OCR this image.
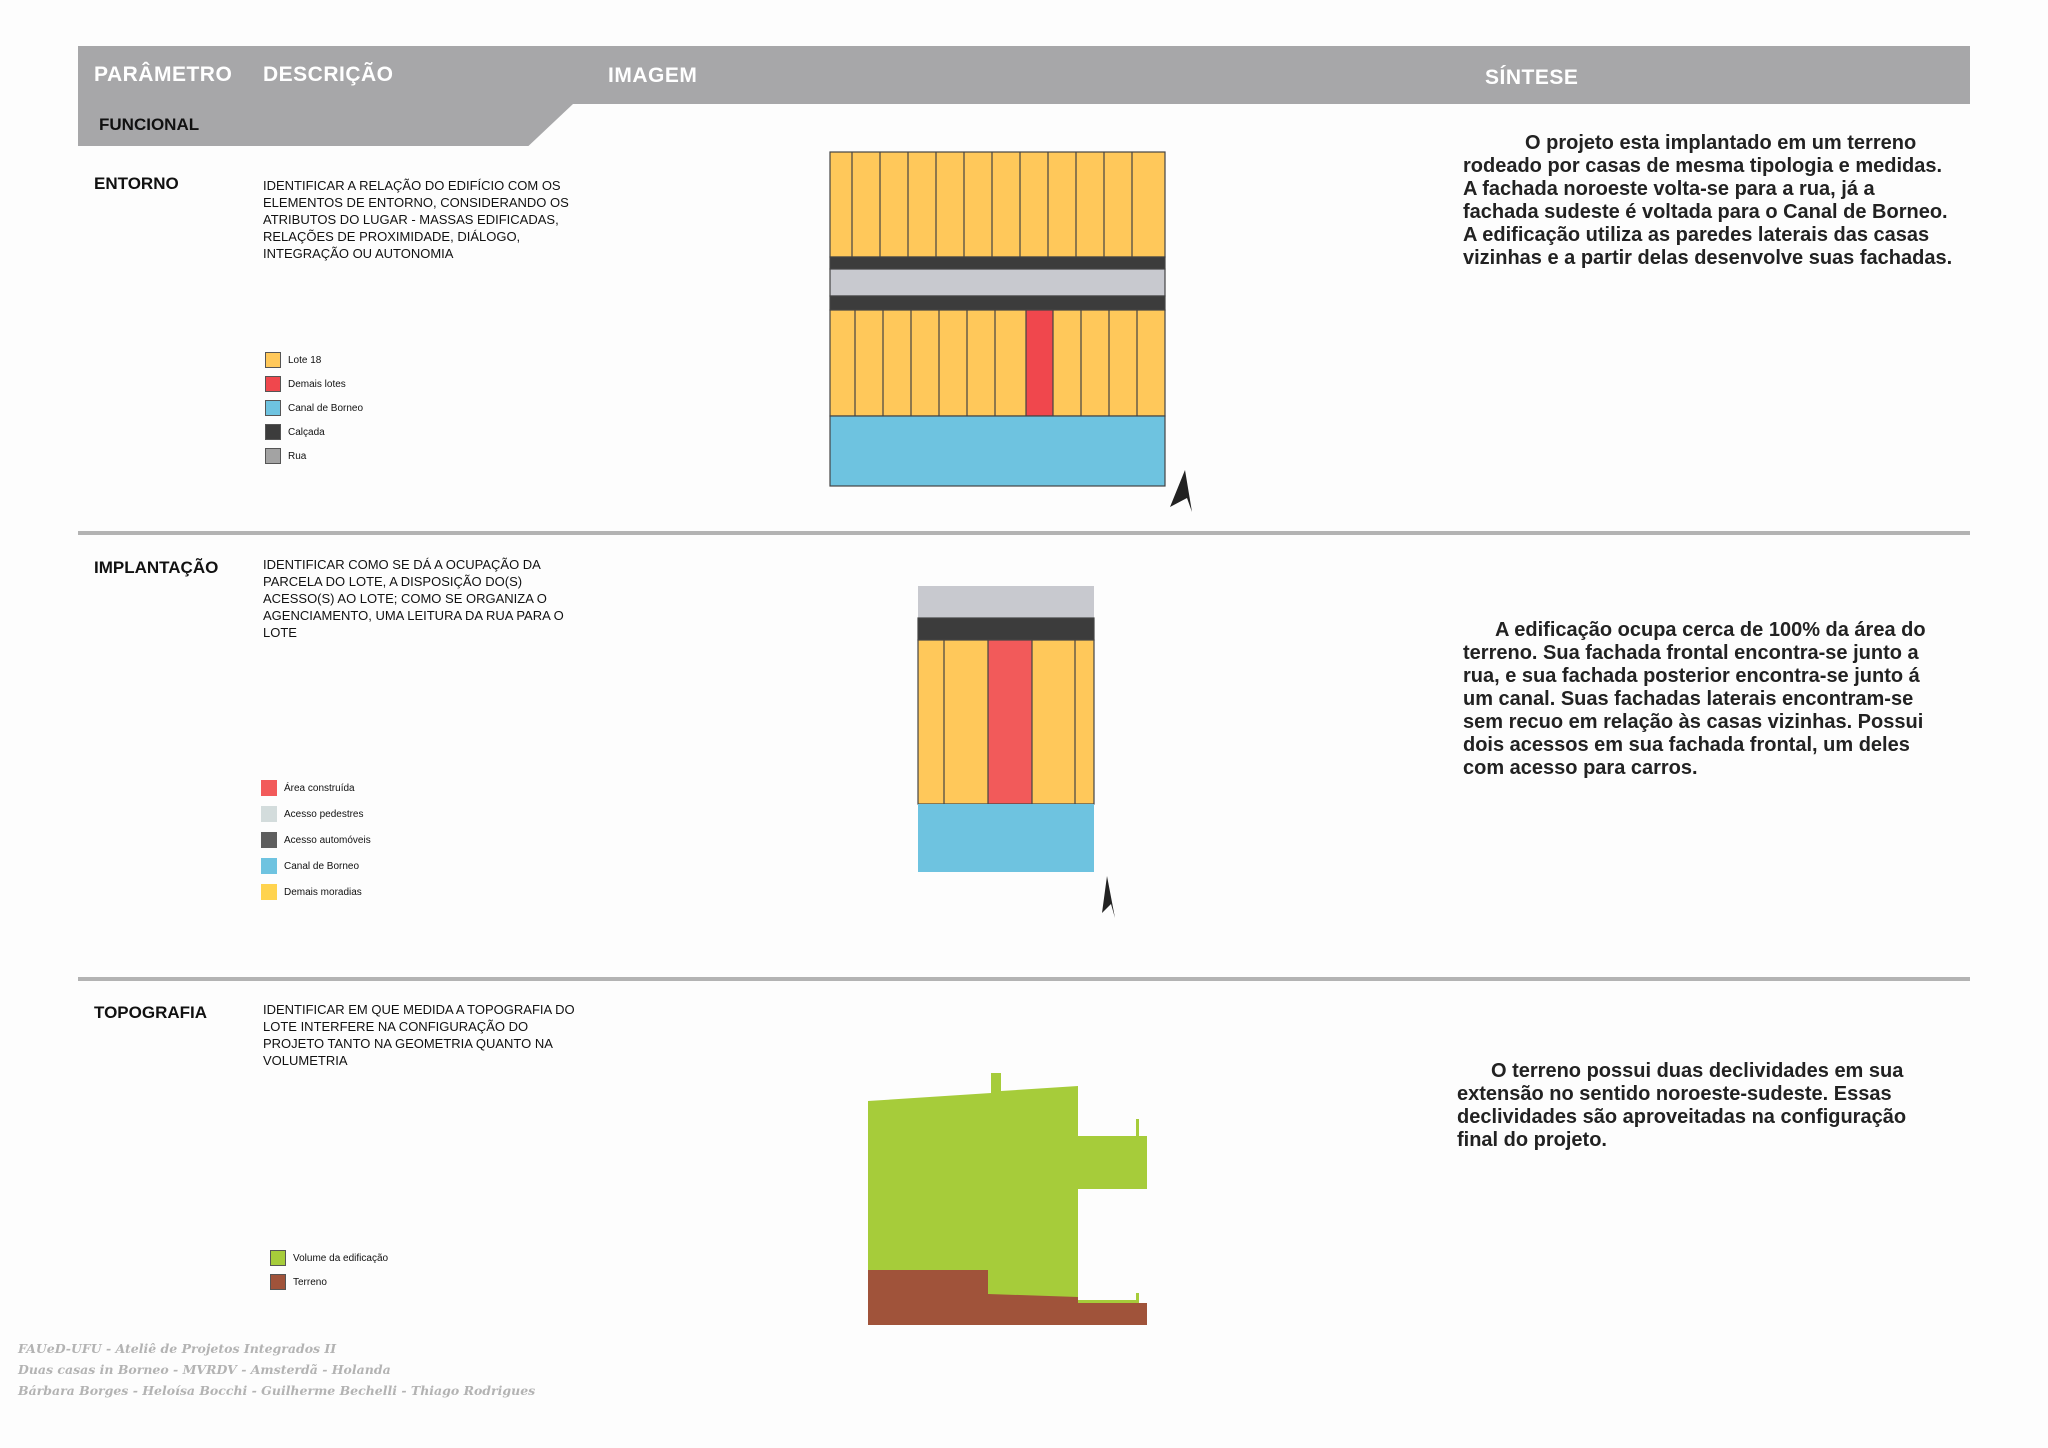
PARÂMETRO DESCRIÇÃO	IMAGEM	SÍNTESE
FUNCIONAL
ENTORNO	IDENTIFICAR A RELAÇÃO DO EDIFÍCIO COM OS ELEMENTOS DE ENTORNO, CONSIDERANDO OS ATRIBUTOS DO LUGAR - MASSAS EDIFICADAS, RELAÇÕES DE PROXIMIDADE, DIÁLOGO, INTEGRAÇÃO OU AUTONOMIA
Lote 18
Demais lotes
Canal de Borneo
Calçada
Rua
O projeto esta implantado em um terreno rodeado por casas de mesma tipologia e medidas. A fachada noroeste volta-se para a rua, já a fachada sudeste é voltada para o Canal de Borneo. A edificação utiliza as paredes laterais das casas vizinhas e a partir delas desenvolve suas fachadas.
IMPLANTAÇÃO	IDENTIFICAR COMO SE DÁ A OCUPAÇÃO DA PARCELA DO LOTE, A DISPOSIÇÃO DO(S) ACESSO(S) AO LOTE; COMO SE ORGANIZA O AGENCIAMENTO, UMA LEITURA DA RUA PARA O LOTE
Área construída
Acesso pedestres
Acesso automóveis
Canal de Borneo
Demais moradias
A edificação ocupa cerca de 100% da área do terreno. Sua fachada frontal encontra-se junto a rua, e sua fachada posterior encontra-se junto á um canal. Suas fachadas laterais encontram-se sem recuo em relação às casas vizinhas. Possui dois acessos em sua fachada frontal, um deles com acesso para carros.
TOPOGRAFIA	IDENTIFICAR EM QUE MEDIDA A TOPOGRAFIA DO LOTE INTERFERE NA CONFIGURAÇÃO DO PROJETO TANTO NA GEOMETRIA QUANTO NA VOLUMETRIA
Volume da edificação
Terreno
O terreno possui duas declividades em sua extensão no sentido noroeste-sudeste. Essas declividades são aproveitadas na configuração final do projeto.
FAUeD-UFU - Ateliê de Projetos Integrados II
Duas casas in Borneo - MVRDV - Amsterdã - Holanda
Bárbara Borges - Heloísa Bocchi - Guilherme Bechelli - Thiago Rodrigues
